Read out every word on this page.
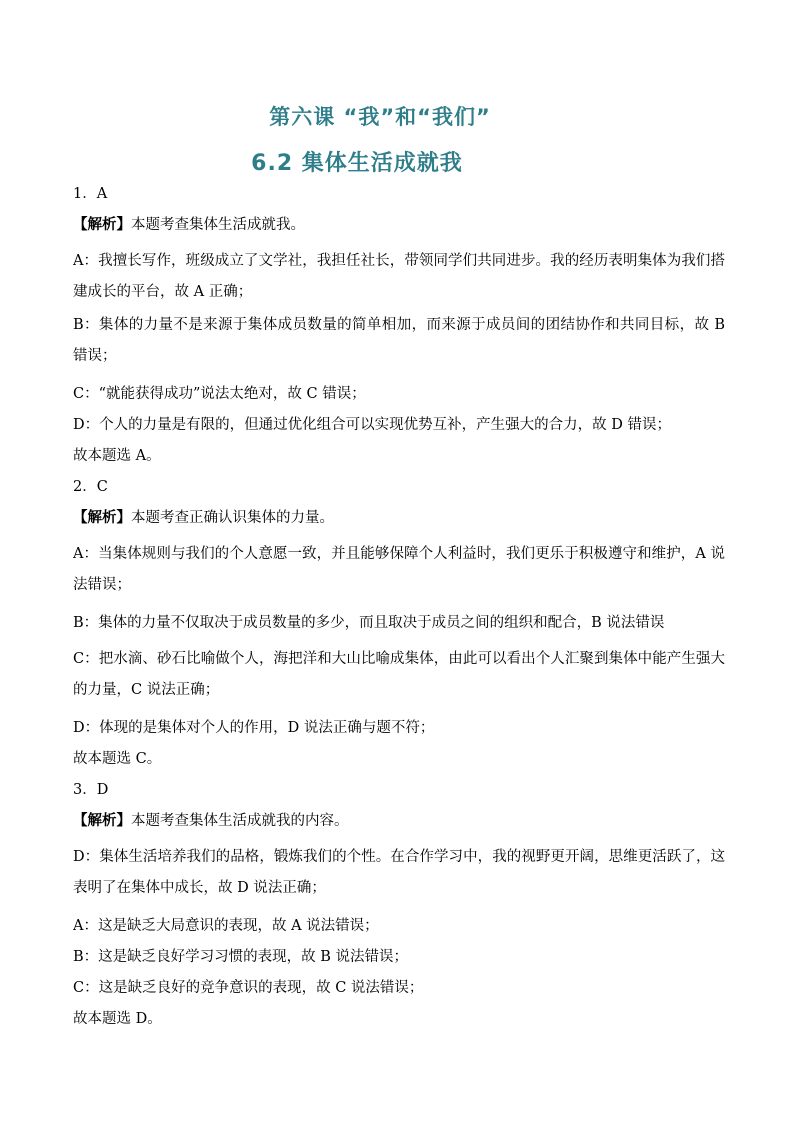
第六课 “我”和“我们”
6.2 集体生活成就我
1．A
【解析】本题考查集体生活成就我。
A：我擅长写作，班级成立了文学社，我担任社长，带领同学们共同进步。我的经历表明集体为我们搭建成长的平台，故 A 正确；
B：集体的力量不是来源于集体成员数量的简单相加，而来源于成员间的团结协作和共同目标，故 B 错误；
C：“就能获得成功”说法太绝对，故 C 错误；
D：个人的力量是有限的，但通过优化组合可以实现优势互补，产生强大的合力，故 D 错误；
故本题选 A。
2．C
【解析】本题考查正确认识集体的力量。
A：当集体规则与我们的个人意愿一致，并且能够保障个人利益时，我们更乐于积极遵守和维护，A 说法错误；
B：集体的力量不仅取决于成员数量的多少，而且取决于成员之间的组织和配合，B 说法错误
C：把水滴、砂石比喻做个人，海把洋和大山比喻成集体，由此可以看出个人汇聚到集体中能产生强大的力量，C 说法正确；
D：体现的是集体对个人的作用，D 说法正确与题不符；
故本题选 C。
3．D
【解析】本题考查集体生活成就我的内容。
D：集体生活培养我们的品格，锻炼我们的个性。在合作学习中，我的视野更开阔，思维更活跃了，这表明了在集体中成长，故 D 说法正确；
A：这是缺乏大局意识的表现，故 A 说法错误；
B：这是缺乏良好学习习惯的表现，故 B 说法错误；
C：这是缺乏良好的竞争意识的表现，故 C 说法错误；
故本题选 D。
